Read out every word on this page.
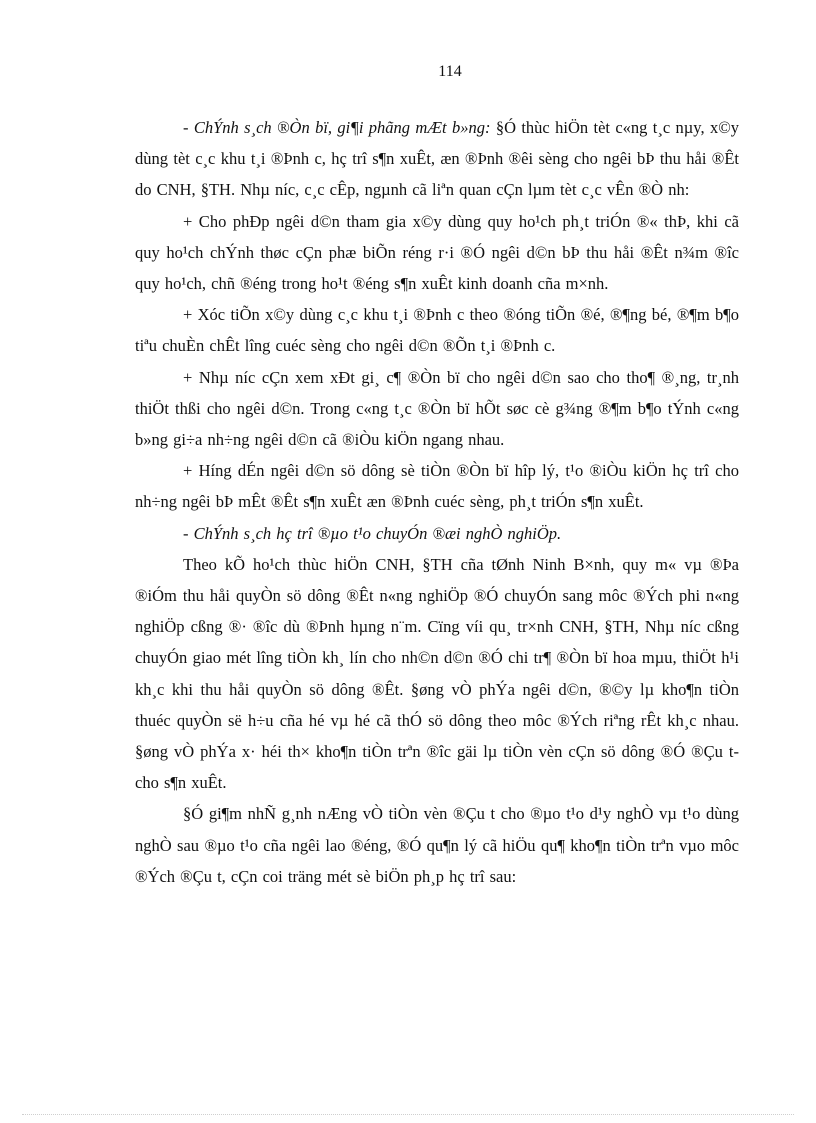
114

- ChÝnh s¸ch ®Òn bï, gi¶i phãng mÆt b»ng: §Ó thùc hiÖn tèt c«ng t¸c nµy, x©y dùng tèt c¸c khu t¸i ®Þnh c, hç trî s¶n xuÊt, æn ®Þnh ®êi sèng cho ngêi bÞ thu håi ®Êt do CNH, §TH. Nhµ níc, c¸c cÊp, ngµnh cã liªn quan cÇn lµm tèt c¸c vÊn ®Ò nh:

+ Cho phÐp ngêi d©n tham gia x©y dùng quy ho¹ch ph¸t triÓn ®« thÞ, khi cã quy ho¹ch chÝnh thøc cÇn phæ biÕn réng r·i ®Ó ngêi d©n bÞ thu håi ®Êt n¾m ®îc quy ho¹ch, chñ ®éng trong ho¹t ®éng s¶n xuÊt kinh doanh cña m×nh.

+ Xóc tiÕn x©y dùng c¸c khu t¸i ®Þnh c theo ®óng tiÕn ®é, ®¶ng bé, ®¶m b¶o tiªu chuÈn chÊt lîng cuéc sèng cho ngêi d©n ®Õn t¸i ®Þnh c.

+ Nhµ níc cÇn xem xÐt gi¸ c¶ ®Òn bï cho ngêi d©n sao cho tho¶ ®¸ng, tr¸nh thiÖt thßi cho ngêi d©n. Trong c«ng t¸c ®Òn bï hÕt søc cè g¾ng ®¶m b¶o tÝnh c«ng b»ng gi÷a nh÷ng ngêi d©n cã ®iÒu kiÖn ngang nhau.

+ Híng dÉn ngêi d©n sö dông sè tiÒn ®Òn bï hîp lý, t¹o ®iÒu kiÖn hç trî cho nh÷ng ngêi bÞ mÊt ®Êt s¶n xuÊt æn ®Þnh cuéc sèng, ph¸t triÓn s¶n xuÊt.

- ChÝnh s¸ch hç trî ®µo t¹o chuyÓn ®æi nghÒ nghiÖp.

Theo kÕ ho¹ch thùc hiÖn CNH, §TH cña tØnh Ninh B×nh, quy m« vµ ®Þa ®iÓm thu håi quyÒn sö dông ®Êt n«ng nghiÖp ®Ó chuyÓn sang môc ®Ých phi n«ng nghiÖp cßng ®· ®îc dù ®Þnh hµng n¨m. Cïng víi qu¸ tr×nh CNH, §TH, Nhµ níc cßng chuyÓn giao mét lîng tiÒn kh¸ lín cho nh©n d©n ®Ó chi tr¶ ®Òn bï hoa mµu, thiÖt h¹i kh¸c khi thu håi quyÒn sö dông ®Êt. §øng vÒ phÝa ngêi d©n, ®©y lµ kho¶n tiÒn thuéc quyÒn së h÷u cña hé vµ hé cã thÓ sö dông theo môc ®Ých riªng rÊt kh¸c nhau. §øng vÒ phÝa x· héi th× kho¶n tiÒn trªn ®îc gäi lµ tiÒn vèn cÇn sö dông ®Ó ®Çu t cho s¶n xuÊt.

§Ó gi¶m nhÑ g¸nh nÆng vÒ tiÒn vèn ®Çu t cho ®µo t¹o d¹y nghÒ vµ t¹o dùng nghÒ sau ®µo t¹o cña ngêi lao ®éng, ®Ó qu¶n lý cã hiÖu qu¶ kho¶n tiÒn trªn vµo môc ®Ých ®Çu t, cÇn coi träng mét sè biÖn ph¸p hç trî sau:
